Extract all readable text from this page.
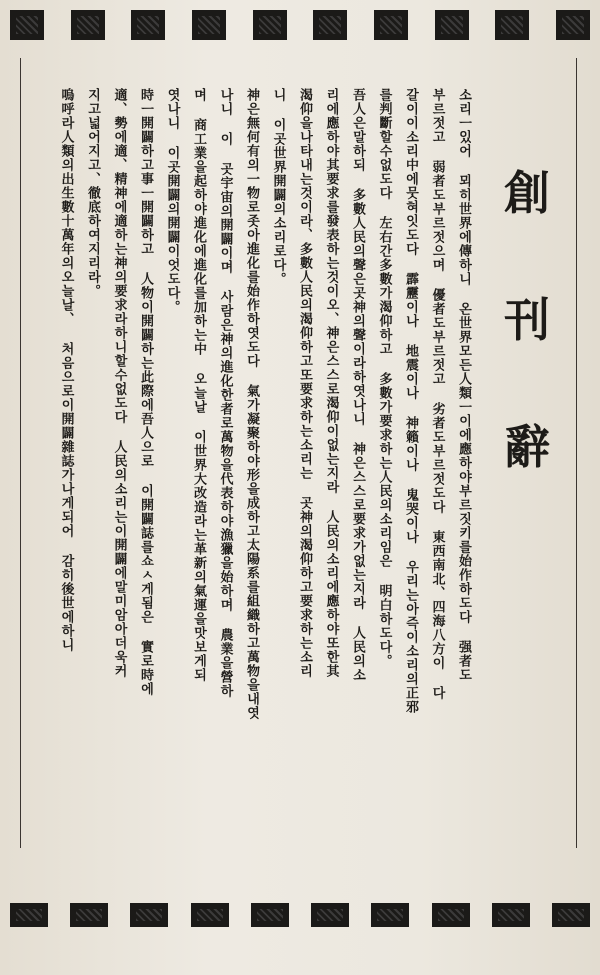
創
刊
辭
소리ㅡ있어 뫼히世界에傳하니 온世界모든人類ㅡ이에應하야부르짓키를始作하도다 强者도
부르젓고 弱者도부르젓으며 優者도부르젓고 劣者도부르젓도다 東西南北、四海八方이 다
갈이이소리中에뭇혀잇도다 霹靂이나 地震이나 神籟이나 鬼哭이나 우리는아즉이소리의正邪
를判斷할수없도다 左右간多數가渴仰하고 多數가要求하는人民의소리임은 明白하도다。
吾人은말하되 多數人民의聲은곳神의聲이라하엿나니 神은스스로要求가없는지라 人民의소
리에應하야其要求를發表하는것이오、神은스스로渴仰이없는지라 人民의소리에應하야또한其
渴仰을나타내는것이라、多數人民의渴仰하고또要求하는소리는 곳神의渴仰하고要求하는소리
니 이곳世界開闢의소리로다。
神은無何有의一物로좃아進化를始作하엿도다 氣가凝聚하야形을成하고太陽系를組織하고萬物을내엿
나니 이 곳宇宙의開闢이며 사람은神의進化한者로萬物을代表하야漁獵을始하며 農業을營하
며 商工業을起하야進化에進化를加하는中 오늘날 이世界大改造라는革新의氣運을맛보게되
엿나니 이곳開闢의開闢이엇도다。
時ㅡ開闢하고事ㅡ開闢하고 人物이開闢하는此際에吾人으로 이開闢誌를쇼ㅅ게됨은 實로時에
適、勢에適、精神에適하는神의要求라하니할수없도다 人民의소리는이開闢에말미암아더욱커
지고넓어지고、徹底하여지리라。
嗚呼라人類의出生數十萬年의오늘날、 처음으로이開闢雜誌가나게되어 감히後世에하니
